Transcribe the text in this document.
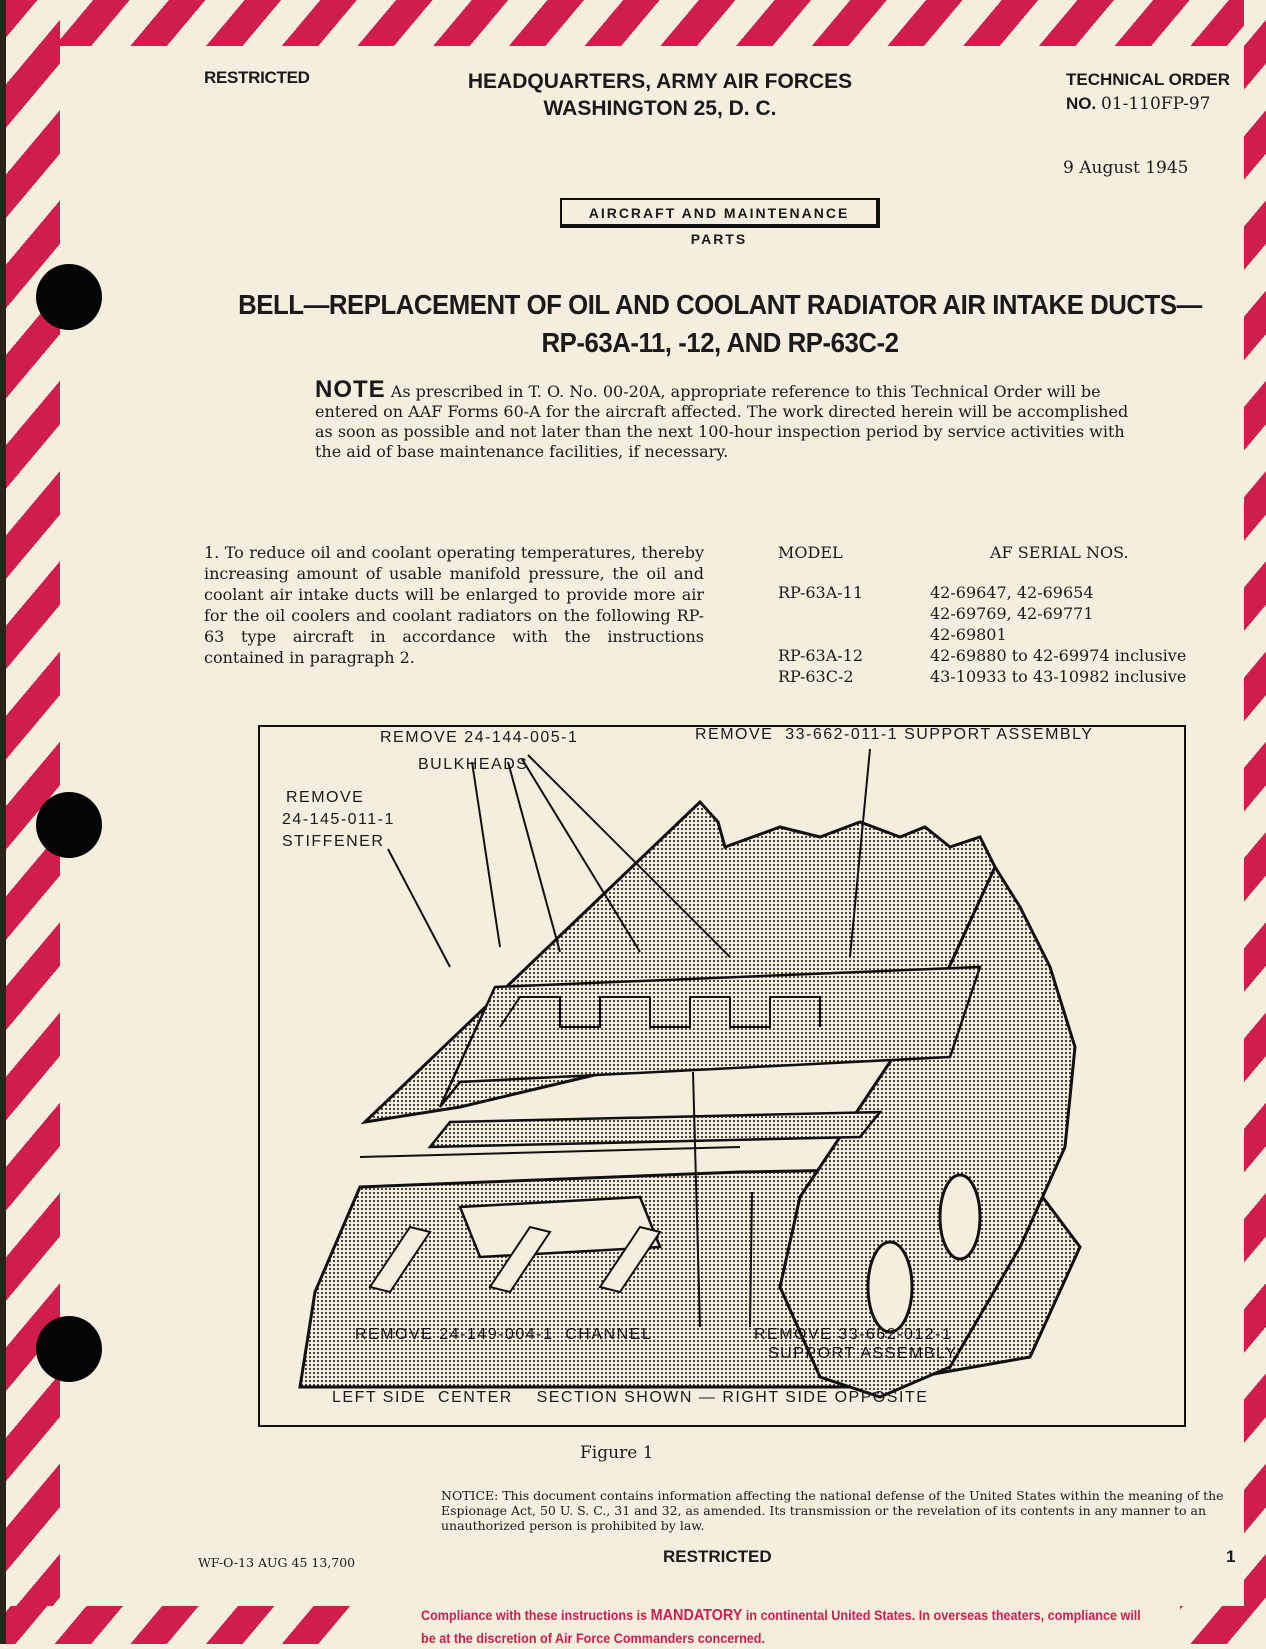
RESTRICTED	HEADQUARTERS, ARMY AIR FORCES
WASHINGTON 25, D. C.
TECHNICAL ORDER
NO. 01-110FP-97
9 August 1945
AIRCRAFT AND MAINTENANCE PARTS
BELL—REPLACEMENT OF OIL AND COOLANT RADIATOR AIR INTAKE DUCTS—
RP-63A-11, -12, AND RP-63C-2
NOTE As prescribed in T. O. No. 00-20A, appropriate reference to this Technical Order will be entered on AAF Forms 60-A for the aircraft affected. The work directed herein will be accomplished as soon as possible and not later than the next 100-hour inspection period by service activities with the aid of base maintenance facilities, if necessary.
1. To reduce oil and coolant operating temperatures, thereby increasing amount of usable manifold pressure, the oil and coolant air intake ducts will be enlarged to provide more air for the oil coolers and coolant radiators on the following RP-63 type aircraft in accordance with the instructions contained in paragraph 2.
MODEL	AF SERIAL NOS.
RP-63A-11	42-69647, 42-69654
42-69769, 42-69771
42-69801
RP-63A-12	42-69880 to 42-69974 inclusive
RP-63C-2	43-10933 to 43-10982 inclusive
REMOVE 24-144-005-1
BULKHEADS
REMOVE  33-662-011-1 SUPPORT ASSEMBLY
REMOVE
24-145-011-1
STIFFENER
REMOVE 24-149-004-1  CHANNEL	REMOVE 33-662-012-1
SUPPORT ASSEMBLY
LEFT SIDE  CENTER    SECTION SHOWN — RIGHT SIDE OPPOSITE
Figure 1
NOTICE: This document contains information affecting the national defense of the United States within the meaning of the Espionage Act, 50 U. S. C., 31 and 32, as amended. Its transmission or the revelation of its contents in any manner to an unauthorized person is prohibited by law.
WF-O-13 AUG 45 13,700	RESTRICTED	1
Compliance with these instructions is MANDATORY in continental United States. In overseas theaters, compliance will be at the discretion of Air Force Commanders concerned.
